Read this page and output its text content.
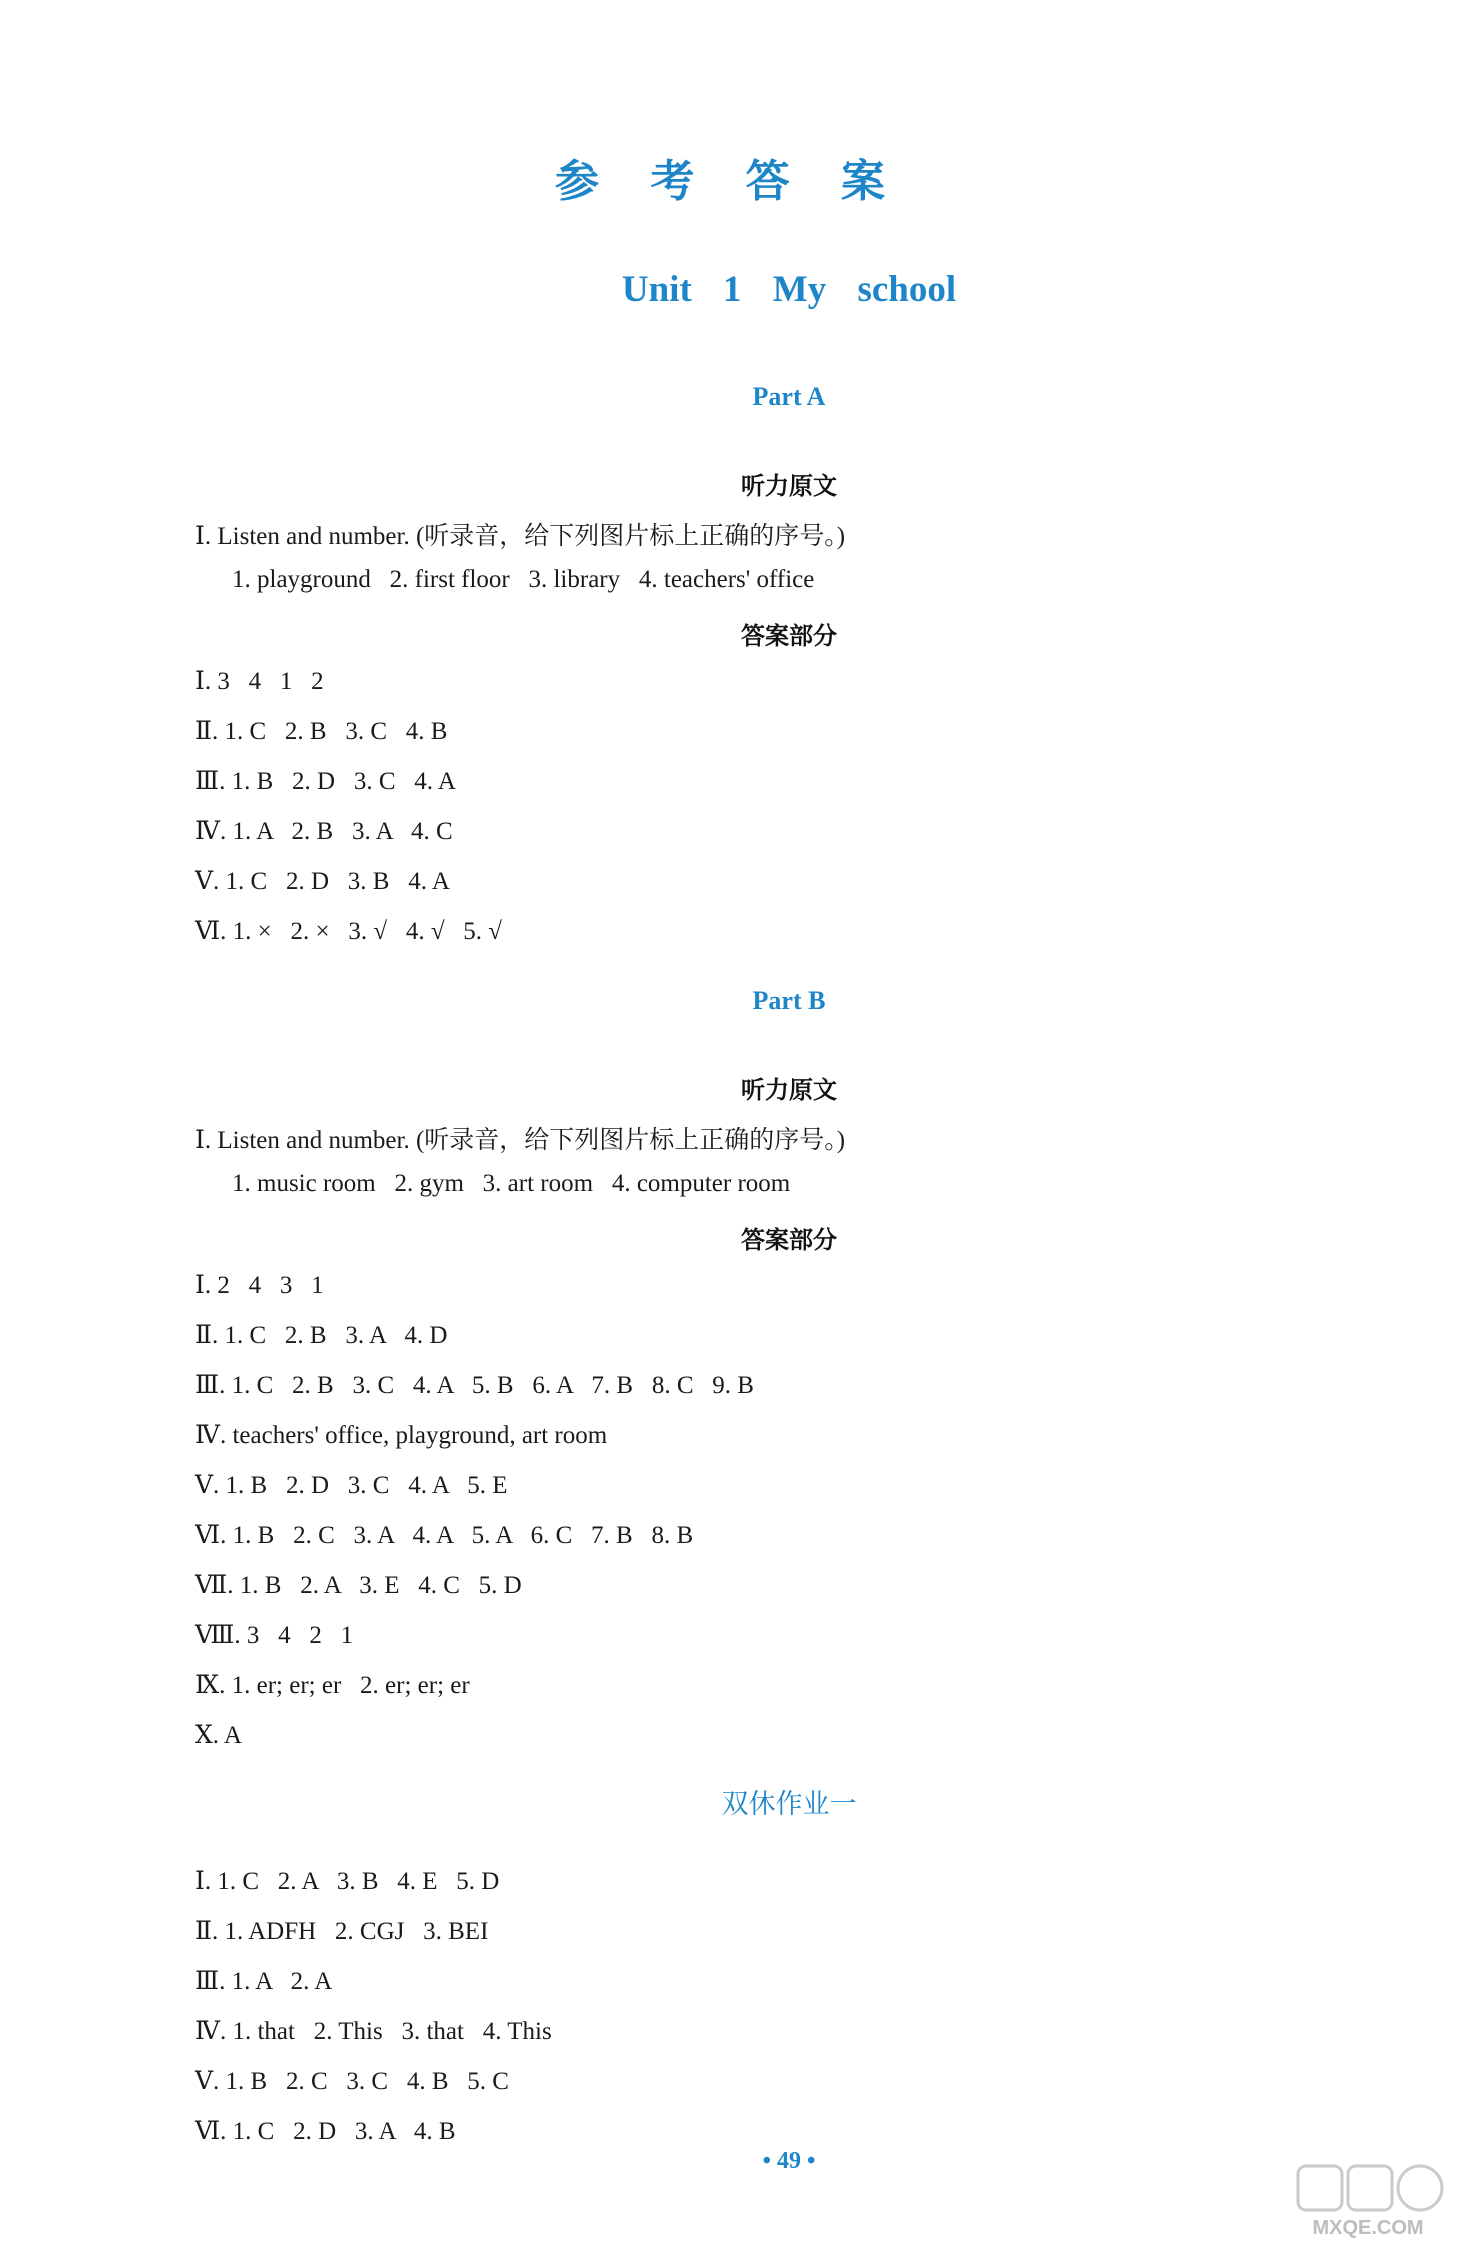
参 考 答 案
Unit 1 My school
Part A
听力原文
Ⅰ. Listen and number. (听录音，给下列图片标上正确的序号。)
1. playground   2. first floor   3. library   4. teachers' office
答案部分
Ⅰ. 3   4   1   2
Ⅱ. 1. C   2. B   3. C   4. B
Ⅲ. 1. B   2. D   3. C   4. A
Ⅳ. 1. A   2. B   3. A   4. C
Ⅴ. 1. C   2. D   3. B   4. A
Ⅵ. 1. ×   2. ×   3. √   4. √   5. √
Part B
听力原文
Ⅰ. Listen and number. (听录音，给下列图片标上正确的序号。)
1. music room   2. gym   3. art room   4. computer room
答案部分
Ⅰ. 2   4   3   1
Ⅱ. 1. C   2. B   3. A   4. D
Ⅲ. 1. C   2. B   3. C   4. A   5. B   6. A   7. B   8. C   9. B
Ⅳ. teachers' office, playground, art room
Ⅴ. 1. B   2. D   3. C   4. A   5. E
Ⅵ. 1. B   2. C   3. A   4. A   5. A   6. C   7. B   8. B
Ⅶ. 1. B   2. A   3. E   4. C   5. D
Ⅷ. 3   4   2   1
Ⅸ. 1. er; er; er   2. er; er; er
Ⅹ. A
双休作业一
Ⅰ. 1. C   2. A   3. B   4. E   5. D
Ⅱ. 1. ADFH   2. CGJ   3. BEI
Ⅲ. 1. A   2. A
Ⅳ. 1. that   2. This   3. that   4. This
Ⅴ. 1. B   2. C   3. C   4. B   5. C
Ⅵ. 1. C   2. D   3. A   4. B
• 49 •
MXQE.COM
